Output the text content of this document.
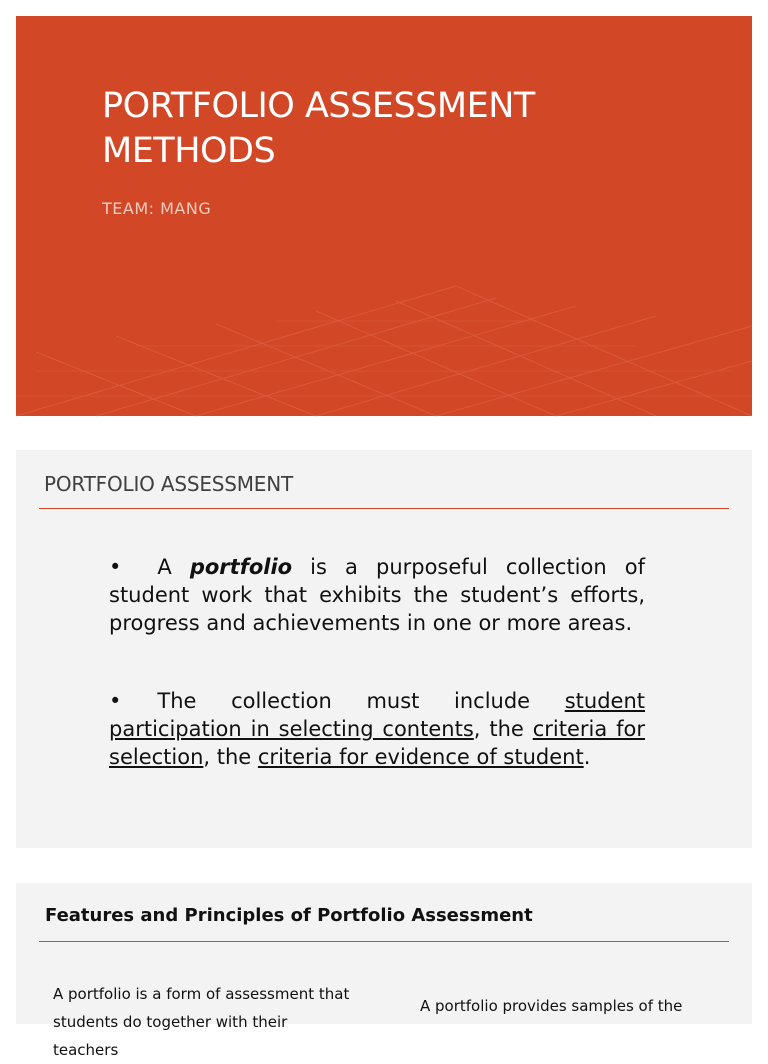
PORTFOLIO ASSESSMENT
METHODS
TEAM: MANG
PORTFOLIO ASSESSMENT
• A portfolio is a purposeful collection of student work that exhibits the student’s efforts, progress and achievements in one or more areas.
• The collection must include student participation in selecting contents, the criteria for selection, the criteria for evidence of student.
Features and Principles of Portfolio Assessment
A portfolio is a form of assessment that students do together with their teachers
A portfolio provides samples of the
